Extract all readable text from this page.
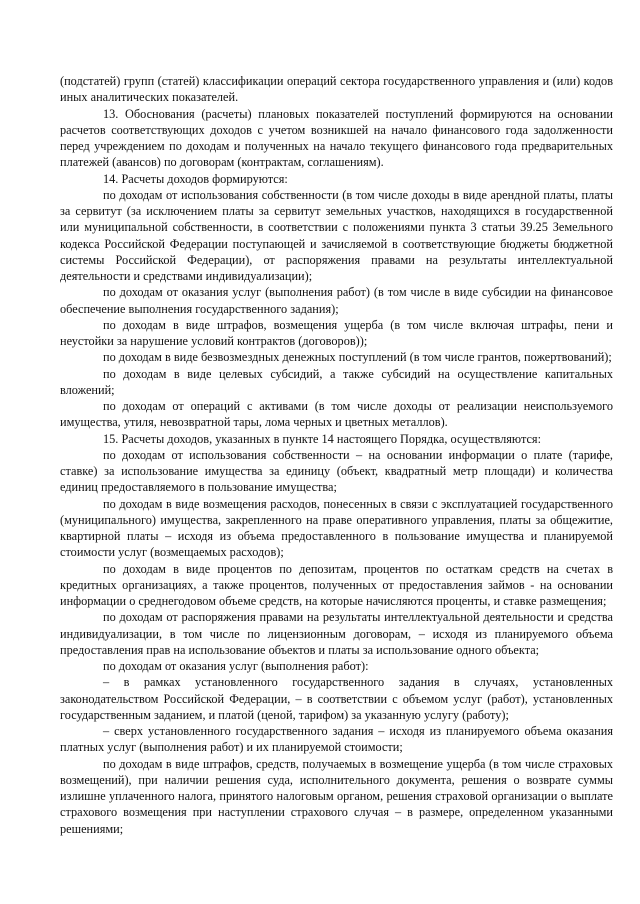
(подстатей) групп (статей) классификации операций сектора государственного управления и (или) кодов иных аналитических показателей.

13. Обоснования (расчеты) плановых показателей поступлений формируются на основании расчетов соответствующих доходов с учетом возникшей на начало финансового года задолженности перед учреждением по доходам и полученных на начало текущего финансового года предварительных платежей (авансов) по договорам (контрактам, соглашениям).

14. Расчеты доходов формируются:

по доходам от использования собственности (в том числе доходы в виде арендной платы, платы за сервитут (за исключением платы за сервитут земельных участков, находящихся в государственной или муниципальной собственности, в соответствии с положениями пункта 3 статьи 39.25 Земельного кодекса Российской Федерации поступающей и зачисляемой в соответствующие бюджеты бюджетной системы Российской Федерации), от распоряжения правами на результаты интеллектуальной деятельности и средствами индивидуализации);

по доходам от оказания услуг (выполнения работ) (в том числе в виде субсидии на финансовое обеспечение выполнения государственного задания);

по доходам в виде штрафов, возмещения ущерба (в том числе включая штрафы, пени и неустойки за нарушение условий контрактов (договоров));

по доходам в виде безвозмездных денежных поступлений (в том числе грантов, пожертвований);

по доходам в виде целевых субсидий, а также субсидий на осуществление капитальных вложений;

по доходам от операций с активами (в том числе доходы от реализации неиспользуемого имущества, утиля, невозвратной тары, лома черных и цветных металлов).

15. Расчеты доходов, указанных в пункте 14 настоящего Порядка, осуществляются:

по доходам от использования собственности – на основании информации о плате (тарифе, ставке) за использование имущества за единицу (объект, квадратный метр площади) и количества единиц предоставляемого в пользование имущества;

по доходам в виде возмещения расходов, понесенных в связи с эксплуатацией государственного (муниципального) имущества, закрепленного на праве оперативного управления, платы за общежитие, квартирной платы – исходя из объема предоставленного в пользование имущества и планируемой стоимости услуг (возмещаемых расходов);

по доходам в виде процентов по депозитам, процентов по остаткам средств на счетах в кредитных организациях, а также процентов, полученных от предоставления займов - на основании информации о среднегодовом объеме средств, на которые начисляются проценты, и ставке размещения;

по доходам от распоряжения правами на результаты интеллектуальной деятельности и средства индивидуализации, в том числе по лицензионным договорам, – исходя из планируемого объема предоставления прав на использование объектов и платы за использование одного объекта;

по доходам от оказания услуг (выполнения работ):

– в рамках установленного государственного задания в случаях, установленных законодательством Российской Федерации, – в соответствии с объемом услуг (работ), установленных государственным заданием, и платой (ценой, тарифом) за указанную услугу (работу);

– сверх установленного государственного задания – исходя из планируемого объема оказания платных услуг (выполнения работ) и их планируемой стоимости;

по доходам в виде штрафов, средств, получаемых в возмещение ущерба (в том числе страховых возмещений), при наличии решения суда, исполнительного документа, решения о возврате суммы излишне уплаченного налога, принятого налоговым органом, решения страховой организации о выплате страхового возмещения при наступлении страхового случая – в размере, определенном указанными решениями;
